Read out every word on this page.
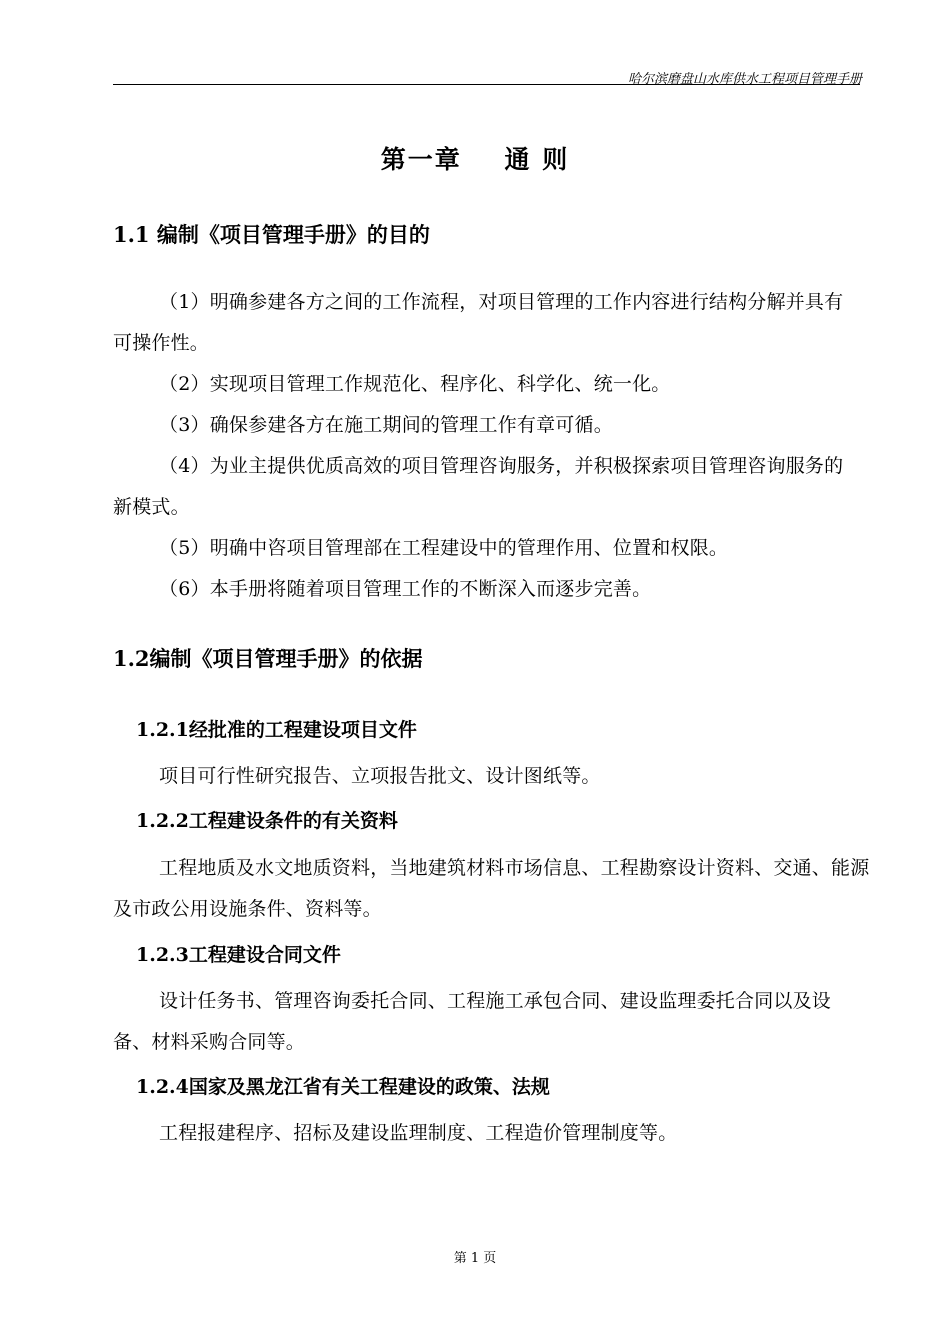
哈尔滨磨盘山水库供水工程项目管理手册
第一章    通 则
1.1 编制《项目管理手册》的目的
（1）明确参建各方之间的工作流程，对项目管理的工作内容进行结构分解并具有可操作性。
（2）实现项目管理工作规范化、程序化、科学化、统一化。
（3）确保参建各方在施工期间的管理工作有章可循。
（4）为业主提供优质高效的项目管理咨询服务，并积极探索项目管理咨询服务的新模式。
（5）明确中咨项目管理部在工程建设中的管理作用、位置和权限。
（6）本手册将随着项目管理工作的不断深入而逐步完善。
1.2编制《项目管理手册》的依据
1.2.1经批准的工程建设项目文件
项目可行性研究报告、立项报告批文、设计图纸等。
1.2.2工程建设条件的有关资料
工程地质及水文地质资料，当地建筑材料市场信息、工程勘察设计资料、交通、能源及市政公用设施条件、资料等。
1.2.3工程建设合同文件
设计任务书、管理咨询委托合同、工程施工承包合同、建设监理委托合同以及设备、材料采购合同等。
1.2.4国家及黑龙江省有关工程建设的政策、法规
工程报建程序、招标及建设监理制度、工程造价管理制度等。
第 1 页
